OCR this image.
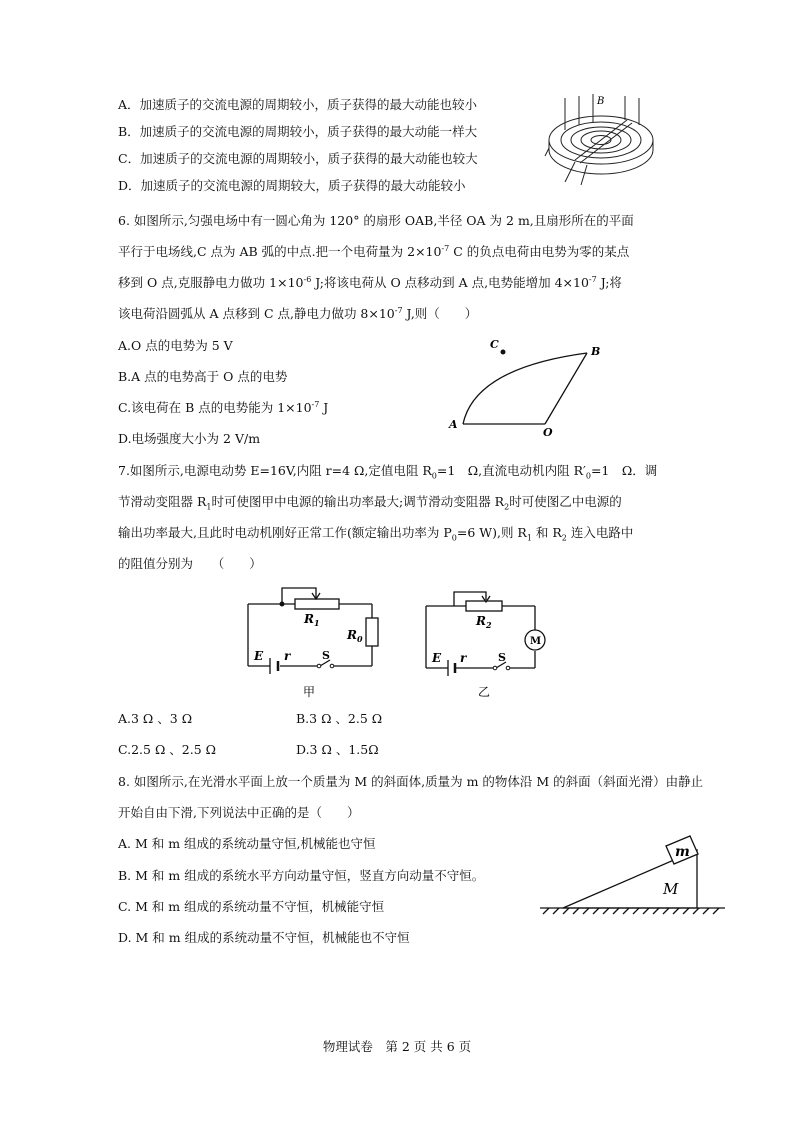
A．加速质子的交流电源的周期较小，质子获得的最大动能也较小
B．加速质子的交流电源的周期较小，质子获得的最大动能一样大
C．加速质子的交流电源的周期较小，质子获得的最大动能也较大
D．加速质子的交流电源的周期较大，质子获得的最大动能较小
B
6. 如图所示,匀强电场中有一圆心角为 120° 的扇形 OAB,半径 OA 为 2 m,且扇形所在的平面
平行于电场线,C 点为 AB 弧的中点.把一个电荷量为 $2\times 10^{-7}$ C 的负点电荷由电势为零的某点
移到 O 点,克服静电力做功 $1\times 10^{-6}$ J;将该电荷从 O 点移动到 A 点,电势能增加 $4\times 10^{-7}$ J;将
该电荷沿圆弧从 A 点移到 C 点,静电力做功 $8\times 10^{-7}$ J,则（　　）
A.O 点的电势为 5 V
B.A 点的电势高于 O 点的电势
C.该电荷在 B 点的电势能为 $1\times 10^{-7}$ J
D.电场强度大小为 2 V/m
C
B
A
O
7.如图所示,电源电动势 E=16V,内阻 r=4 Ω,定值电阻 $R_0=1$　Ω,直流电动机内阻 $R'_0=1$　Ω．调
节滑动变阻器 $R_1$时可使图甲中电源的输出功率最大;调节滑动变阻器 $R_2$时可使图乙中电源的
输出功率最大,且此时电动机刚好正常工作(额定输出功率为 $P_0=6$ W),则 $R_1$ 和 $R_2$ 连入电路中
的阻值分别为　　（　　）
$R_1$
$R_0$
E r	S
甲
M
$R_2$
E r	S
乙
A.3 Ω 、3 Ω	B.3 Ω 、2.5 Ω
C.2.5 Ω 、2.5 Ω	D.3 Ω 、1.5Ω
8. 如图所示,在光滑水平面上放一个质量为 M 的斜面体,质量为 m 的物体沿 M 的斜面（斜面光滑）由静止
开始自由下滑,下列说法中正确的是（　　）
A. M 和 m 组成的系统动量守恒,机械能也守恒
B. M 和 m 组成的系统水平方向动量守恒，竖直方向动量不守恒。
C. M 和 m 组成的系统动量不守恒，机械能守恒
D. M 和 m 组成的系统动量不守恒，机械能也不守恒
m
M
物理试卷　第 2 页 共 6 页
